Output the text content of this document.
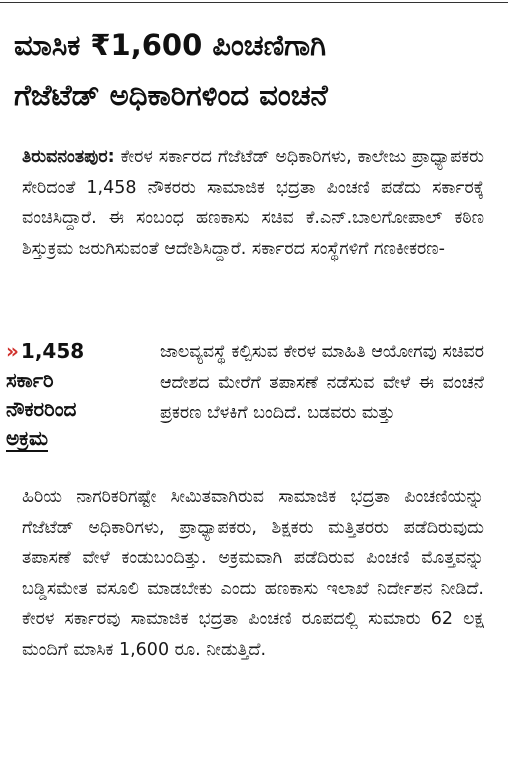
ಮಾಸಿಕ ₹1,600 ಪಿಂಚಣಿಗಾಗಿ
ಗೆಜೆಟೆಡ್ ಅಧಿಕಾರಿಗಳಿಂದ ವಂಚನೆ

ತಿರುವನಂತಪುರ: ಕೇರಳ ಸರ್ಕಾರದ ಗೆಜೆಟೆಡ್ ಅಧಿಕಾರಿಗಳು, ಕಾಲೇಜು ಪ್ರಾಧ್ಯಾಪಕರು ಸೇರಿದಂತೆ 1,458 ನೌಕರರು ಸಾಮಾಜಿಕ ಭದ್ರತಾ ಪಿಂಚಣಿ ಪಡೆದು ಸರ್ಕಾರಕ್ಕೆ ವಂಚಿಸಿದ್ದಾರೆ. ಈ ಸಂಬಂಧ ಹಣಕಾಸು ಸಚಿವ ಕೆ.ಎನ್.ಬಾಲಗೋಪಾಲ್ ಕಠಿಣ ಶಿಸ್ತುಕ್ರಮ ಜರುಗಿಸುವಂತೆ ಆದೇಶಿಸಿದ್ದಾರೆ. ಸರ್ಕಾರದ ಸಂಸ್ಥೆಗಳಿಗೆ ಗಣಕೀಕರಣ-

» 1,458
ಸರ್ಕಾರಿ
ನೌಕರರಿಂದ
ಅಕ್ರಮ
ಜಾಲವ್ಯವಸ್ಥೆ ಕಲ್ಪಿಸುವ ಕೇರಳ ಮಾಹಿತಿ ಆಯೋಗವು ಸಚಿವರ ಆದೇಶದ ಮೇರೆಗೆ ತಪಾಸಣೆ ನಡೆಸುವ ವೇಳೆ ಈ ವಂಚನೆ ಪ್ರಕರಣ ಬೆಳಕಿಗೆ ಬಂದಿದೆ. ಬಡವರು ಮತ್ತು

ಹಿರಿಯ ನಾಗರಿಕರಿಗಷ್ಟೇ ಸೀಮಿತವಾಗಿರುವ ಸಾಮಾಜಿಕ ಭದ್ರತಾ ಪಿಂಚಣಿಯನ್ನು ಗೆಜೆಟೆಡ್ ಅಧಿಕಾರಿಗಳು, ಪ್ರಾಧ್ಯಾಪಕರು, ಶಿಕ್ಷಕರು ಮತ್ತಿತರರು ಪಡೆದಿರುವುದು ತಪಾಸಣೆ ವೇಳೆ ಕಂಡುಬಂದಿತ್ತು. ಅಕ್ರಮವಾಗಿ ಪಡೆದಿರುವ ಪಿಂಚಣಿ ಮೊತ್ತವನ್ನು ಬಡ್ಡಿಸಮೇತ ವಸೂಲಿ ಮಾಡಬೇಕು ಎಂದು ಹಣಕಾಸು ಇಲಾಖೆ ನಿರ್ದೇಶನ ನೀಡಿದೆ. ಕೇರಳ ಸರ್ಕಾರವು ಸಾಮಾಜಿಕ ಭದ್ರತಾ ಪಿಂಚಣಿ ರೂಪದಲ್ಲಿ ಸುಮಾರು 62 ಲಕ್ಷ ಮಂದಿಗೆ ಮಾಸಿಕ 1,600 ರೂ. ನೀಡುತ್ತಿದೆ.
